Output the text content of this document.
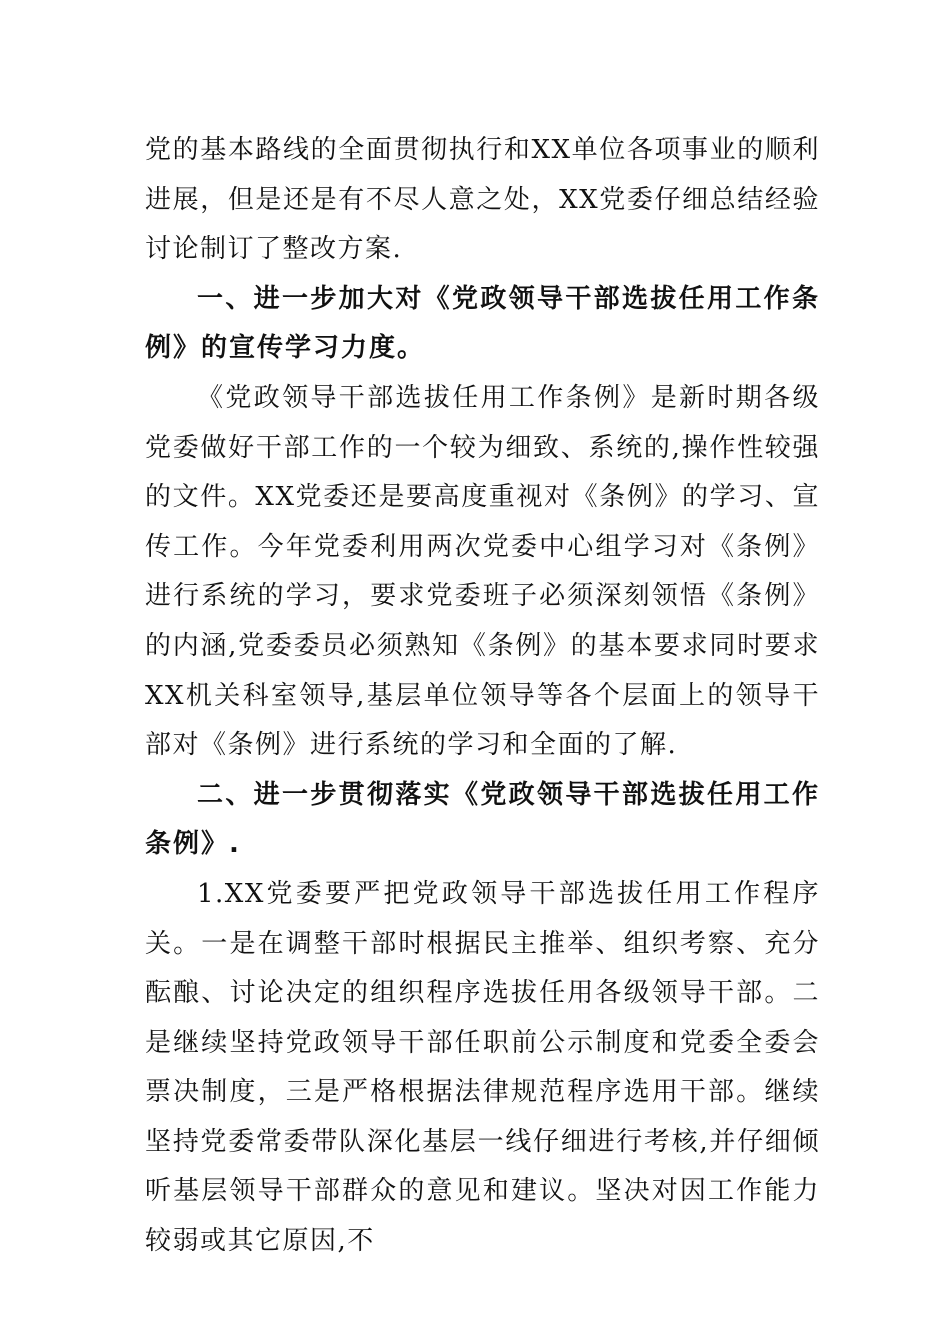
党的基本路线的全面贯彻执行和XX单位各项事业的顺利进展，但是还是有不尽人意之处，XX党委仔细总结经验讨论制订了整改方案.

一、进一步加大对《党政领导干部选拔任用工作条例》的宣传学习力度。

《党政领导干部选拔任用工作条例》是新时期各级党委做好干部工作的一个较为细致、系统的,操作性较强的文件。XX党委还是要高度重视对《条例》的学习、宣传工作。今年党委利用两次党委中心组学习对《条例》进行系统的学习，要求党委班子必须深刻领悟《条例》的内涵,党委委员必须熟知《条例》的基本要求同时要求XX机关科室领导,基层单位领导等各个层面上的领导干部对《条例》进行系统的学习和全面的了解.

二、进一步贯彻落实《党政领导干部选拔任用工作条例》.

1.XX党委要严把党政领导干部选拔任用工作程序关。一是在调整干部时根据民主推举、组织考察、充分酝酿、讨论决定的组织程序选拔任用各级领导干部。二是继续坚持党政领导干部任职前公示制度和党委全委会票决制度，三是严格根据法律规范程序选用干部。继续坚持党委常委带队深化基层一线仔细进行考核,并仔细倾听基层领导干部群众的意见和建议。坚决对因工作能力较弱或其它原因,不
